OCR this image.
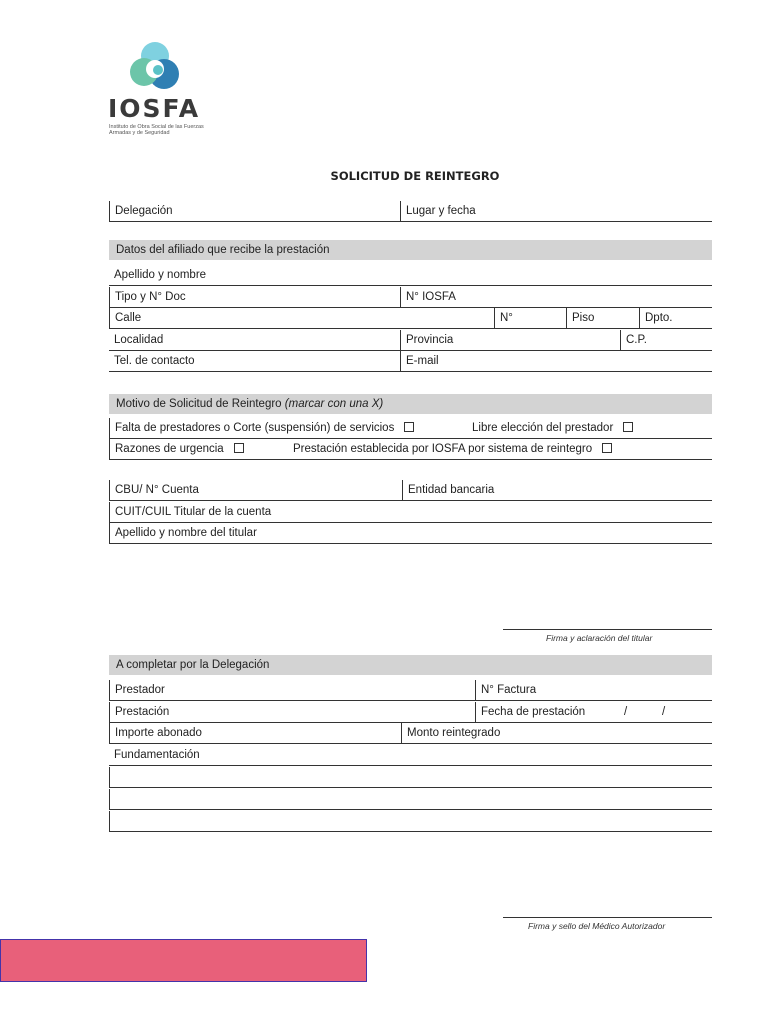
IOSFA
Instituto de Obra Social de las Fuerzas Armadas y de Seguridad
SOLICITUD DE REINTEGRO
Delegación	Lugar y fecha
Datos del afiliado que recibe la prestación
Apellido y nombre
Tipo y N° Doc	N° IOSFA
Calle	N°	Piso	Dpto.
Localidad	Provincia	C.P.
Tel. de contacto	E-mail
Motivo de Solicitud de Reintegro (marcar con una X)
Falta de prestadores o Corte (suspensión) de servicios	Libre elección del prestador
Razones de urgencia	Prestación establecida por IOSFA por sistema de reintegro
CBU/ N° Cuenta	Entidad bancaria
CUIT/CUIL Titular de la cuenta
Apellido y nombre del titular
Firma y aclaración del titular
A completar por la Delegación
Prestador	N° Factura
Prestación	Fecha de prestación	/	/
Importe abonado	Monto reintegrado
Fundamentación
Firma y sello del Médico Autorizador
